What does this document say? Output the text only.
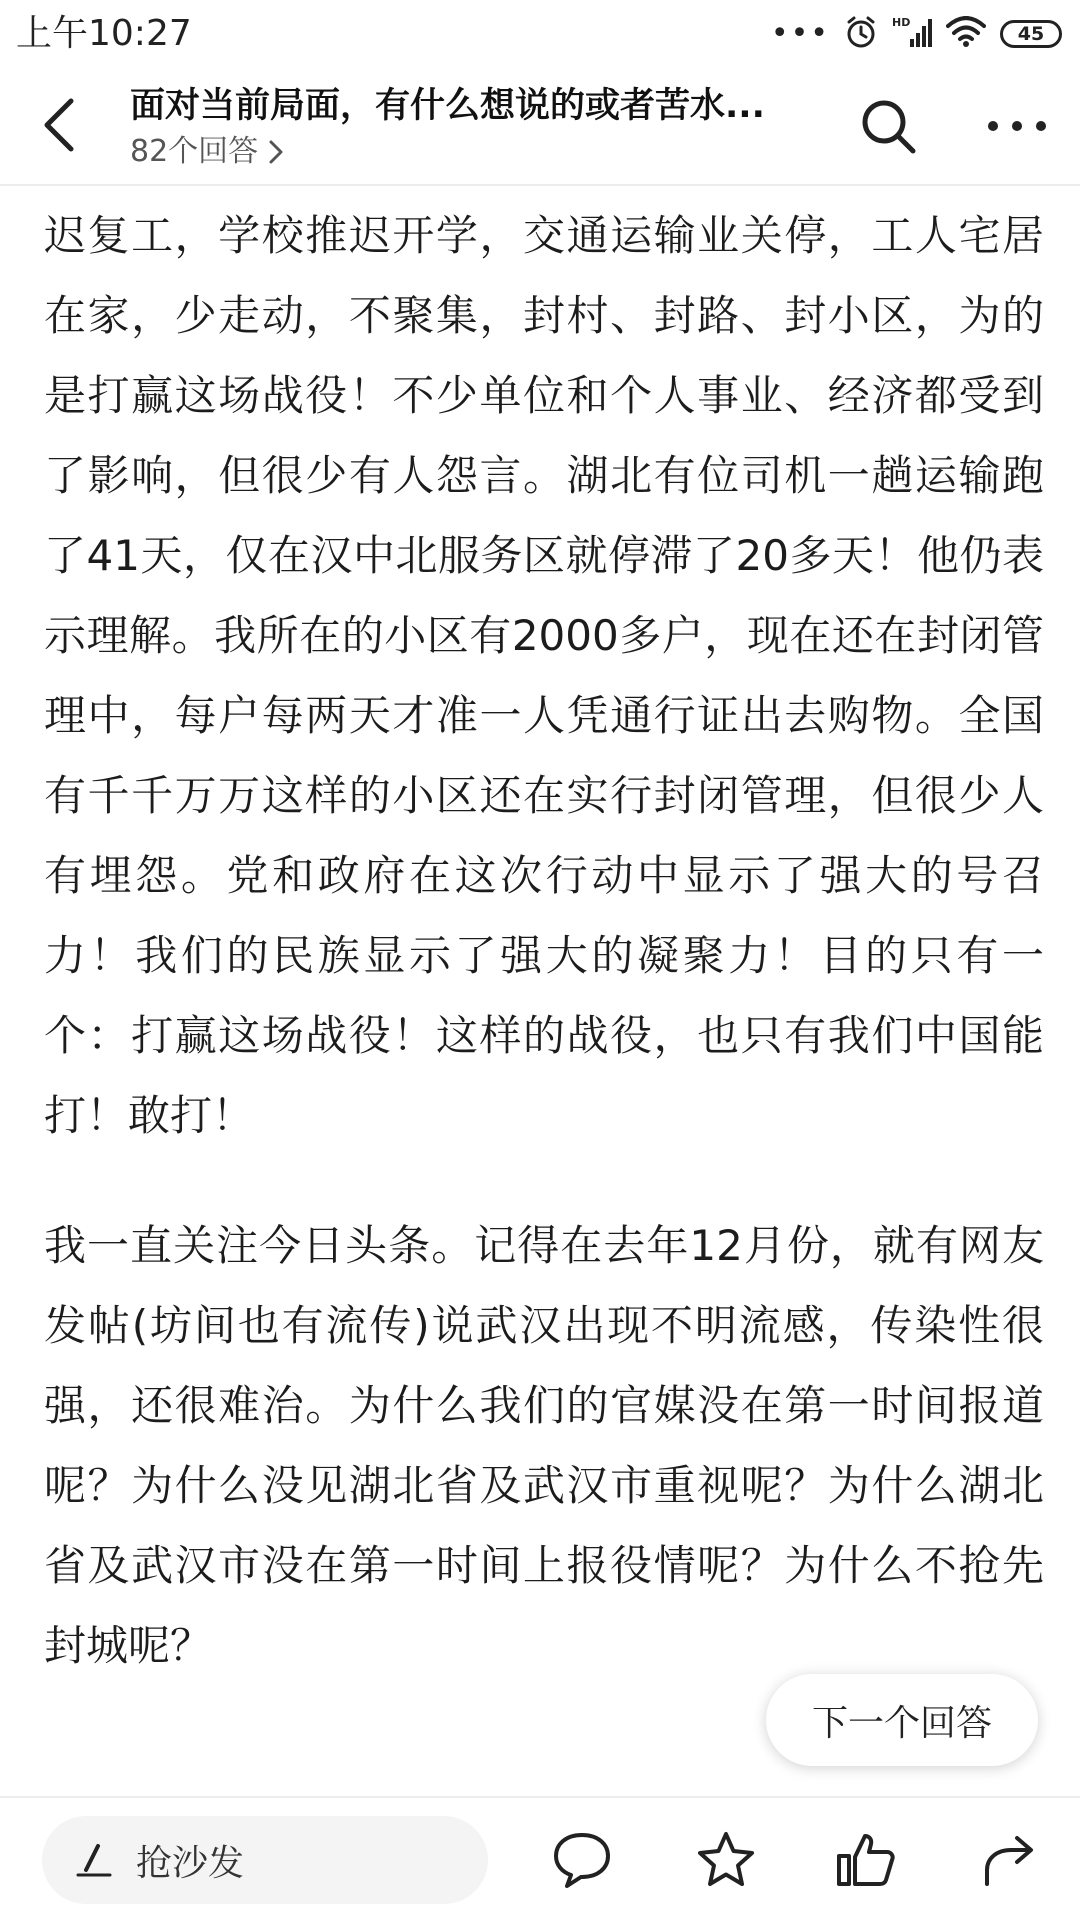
上午10:27	•••	HD
45
面对当前局面，有什么想说的或者苦水...
82个回答

迟复工，学校推迟开学，交通运输业关停，工人宅居在家，少走动，不聚集，封村、封路、封小区，为的是打赢这场战役！不少单位和个人事业、经济都受到了影响，但很少有人怨言。湖北有位司机一趟运输跑了41天，仅在汉中北服务区就停滞了20多天！他仍表示理解。我所在的小区有2000多户，现在还在封闭管理中，每户每两天才准一人凭通行证出去购物。全国有千千万万这样的小区还在实行封闭管理，但很少人有埋怨。党和政府在这次行动中显示了强大的号召力！我们的民族显示了强大的凝聚力！目的只有一个：打赢这场战役！这样的战役，也只有我们中国能打！敢打！

我一直关注今日头条。记得在去年12月份，就有网友发帖(坊间也有流传)说武汉出现不明流感，传染性很强，还很难治。为什么我们的官媒没在第一时间报道呢？为什么没见湖北省及武汉市重视呢？为什么湖北省及武汉市没在第一时间上报役情呢？为什么不抢先封城呢？

下一个回答
抢沙发
